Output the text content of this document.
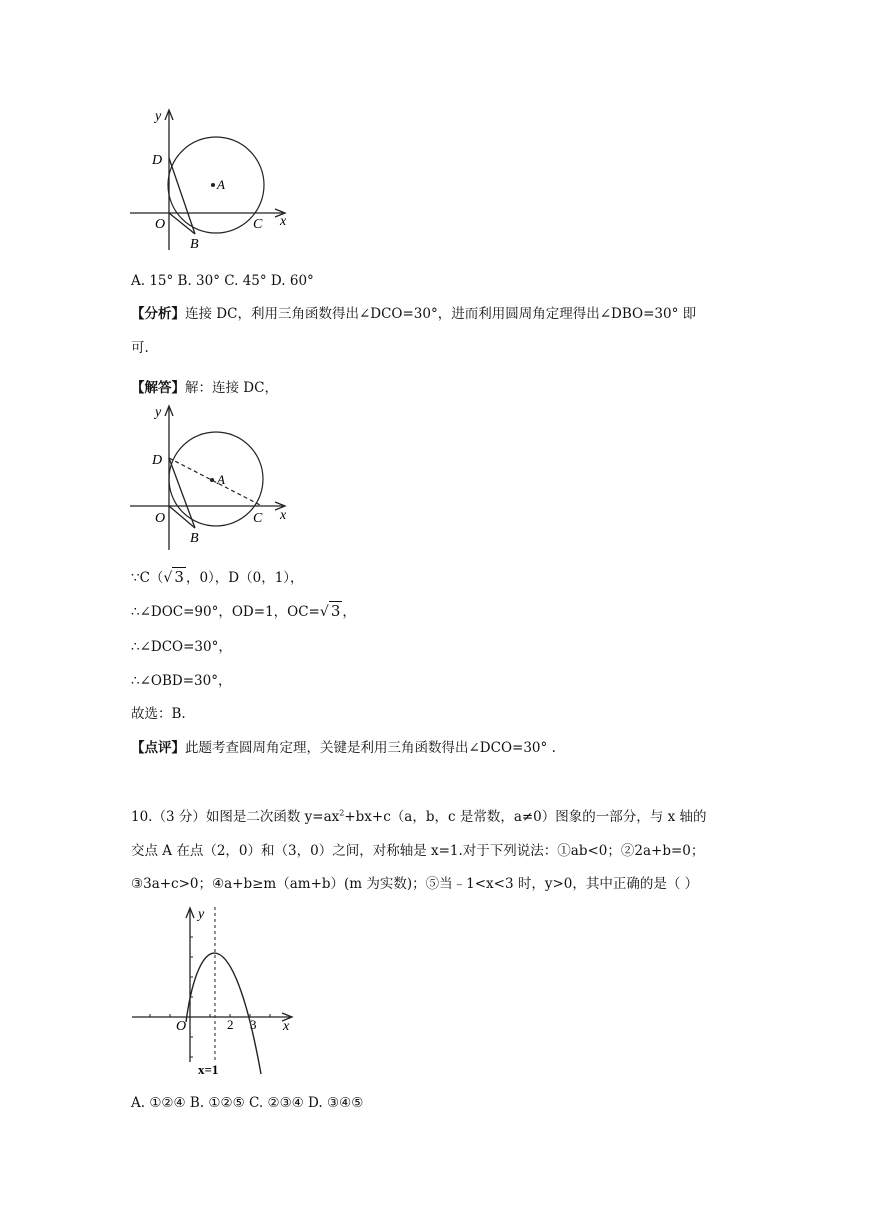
y
x
D
A
O
B
C
A. 15° B. 30° C. 45° D. 60°
【分析】连接 DC，利用三角函数得出∠DCO=30°，进而利用圆周角定理得出∠DBO=30° 即
可.
【解答】解：连接 DC，
y
x
D
A
O
B
C
∵C（ √ 3 ，0），D（0，1），
∴∠DOC=90°，OD=1，OC= √ 3 ，
∴∠DCO=30°，
∴∠OBD=30°，
故选：B.
【点评】此题考查圆周角定理，关键是利用三角函数得出∠DCO=30° .
10.（3 分）如图是二次函数 $y=ax^2+bx+c(a$，b，c 是常数，a≠0）图象的一部分，与 x 轴的
交点 A 在点（2，0）和（3，0）之间，对称轴是 x=1.对于下列说法：①ab<0；②2a+b=0；
③3a+c>0；④a+b≥m（am+b）(m 为实数)；⑤当﹣1<x<3 时，y>0，其中正确的是（ ）
y
x
O	2 3
x=1
A. ①②④ B. ①②⑤ C. ②③④ D. ③④⑤
